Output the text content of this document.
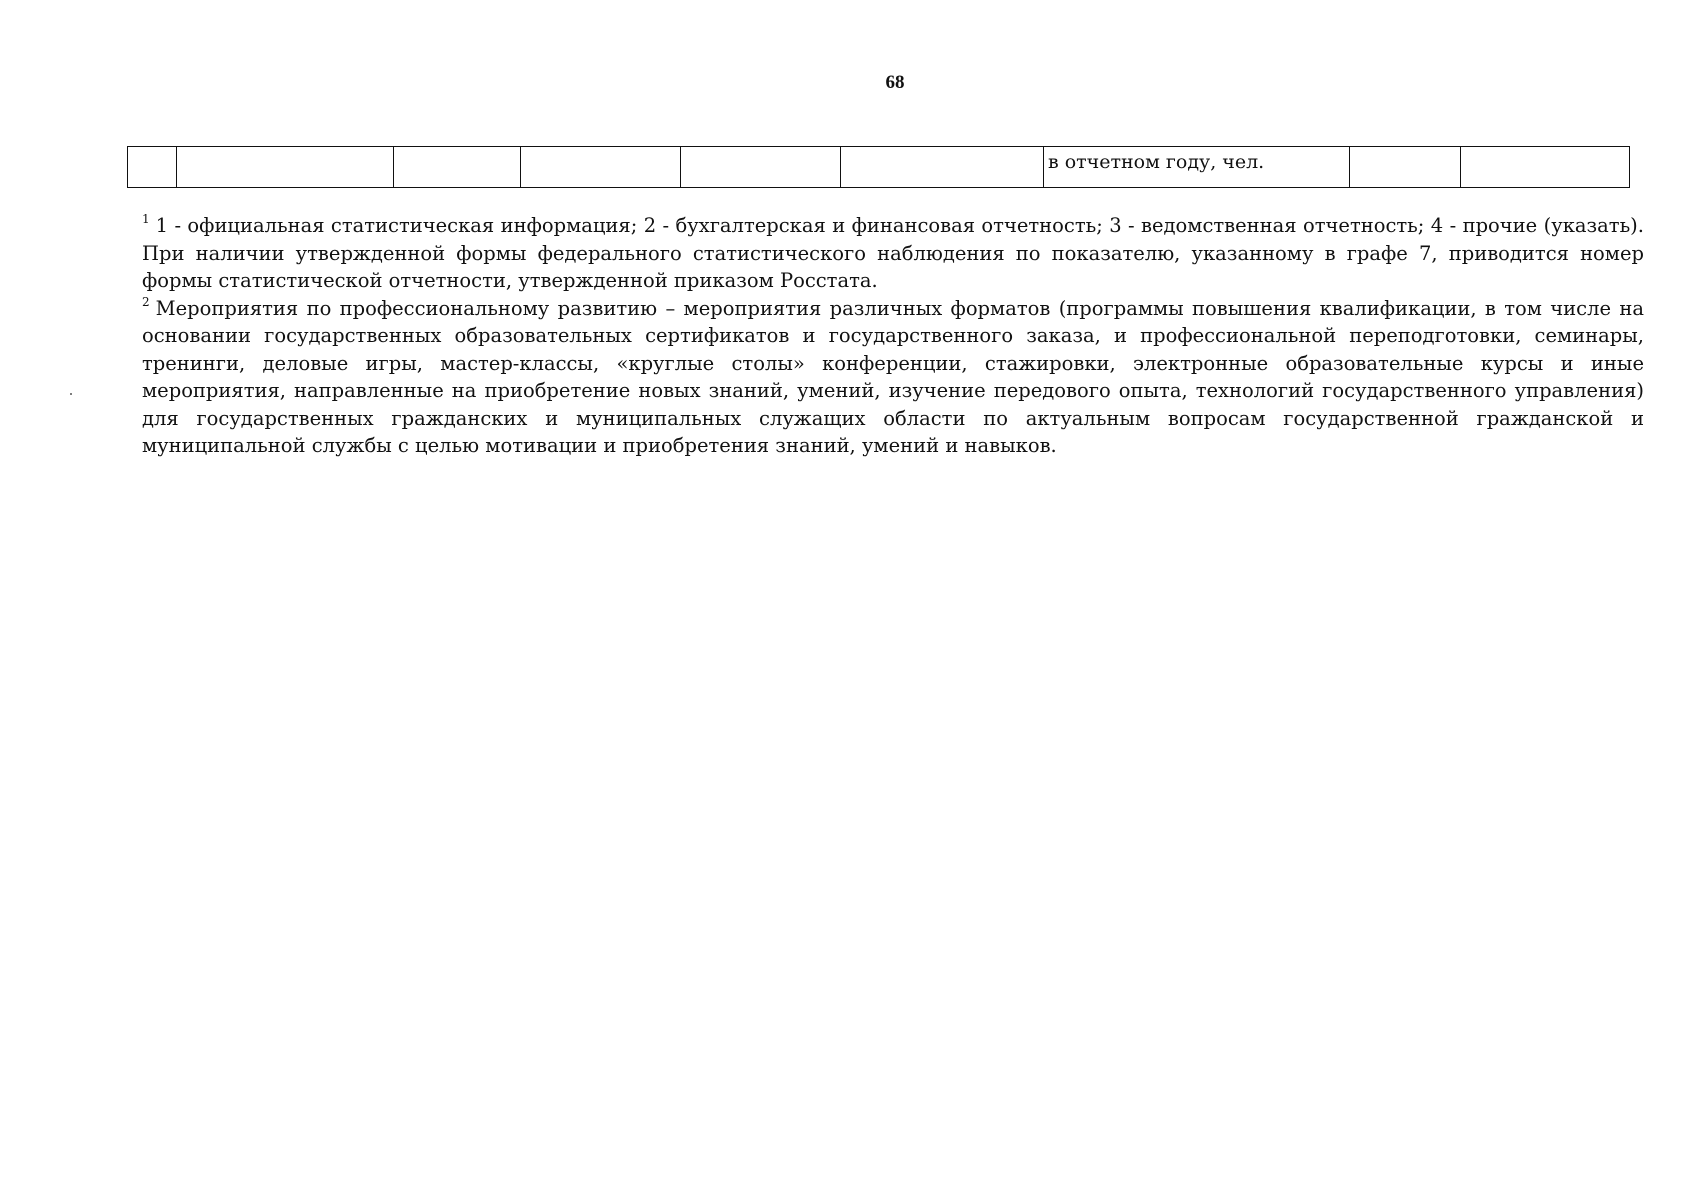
68
						в отчетном году, чел.		

$^1$ 1 - официальная статистическая информация; 2 - бухгалтерская и финансовая отчетность; 3 - ведомственная отчетность; 4 - прочие (указать). При наличии утвержденной формы федерального статистического наблюдения по показателю, указанному в графе 7, приводится номер формы статистической отчетности, утвержденной приказом Росстата.

$^2$ Мероприятия по профессиональному развитию – мероприятия различных форматов (программы повышения квалификации, в том числе на основании государственных образовательных сертификатов и государственного заказа, и профессиональной переподготовки, семинары, тренинги, деловые игры, мастер-классы, «круглые столы» конференции, стажировки, электронные образовательные курсы и иные мероприятия, направленные на приобретение новых знаний, умений, изучение передового опыта, технологий государственного управления) для государственных гражданских и муниципальных служащих области по актуальным вопросам государственной гражданской и муниципальной службы с целью мотивации и приобретения знаний, умений и навыков.
